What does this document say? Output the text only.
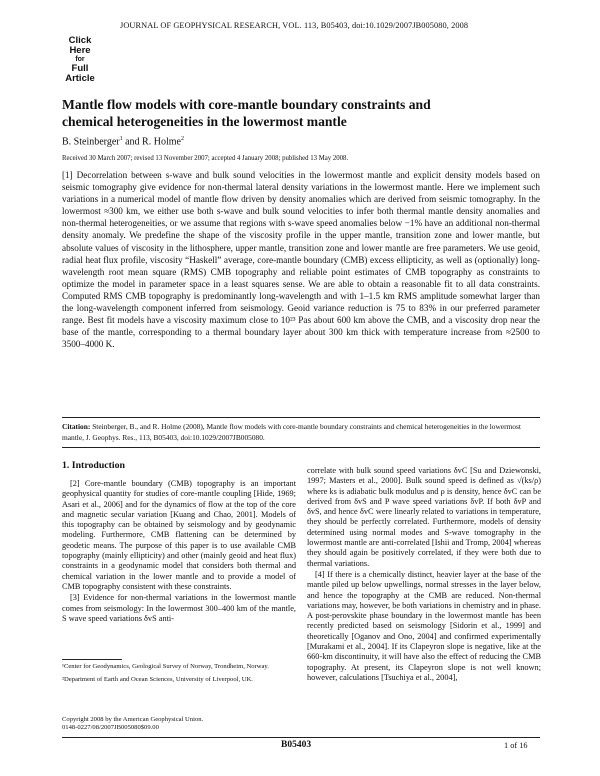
Click
Here
for
Full
Article
JOURNAL OF GEOPHYSICAL RESEARCH, VOL. 113, B05403, doi:10.1029/2007JB005080, 2008
Mantle flow models with core-mantle boundary constraints and chemical heterogeneities in the lowermost mantle
B. Steinberger$^1$ and R. Holme$^2$
Received 30 March 2007; revised 13 November 2007; accepted 4 January 2008; published 13 May 2008.
[1] Decorrelation between s-wave and bulk sound velocities in the lowermost mantle and explicit density models based on seismic tomography give evidence for non-thermal lateral density variations in the lowermost mantle. Here we implement such variations in a numerical model of mantle flow driven by density anomalies which are derived from seismic tomography. In the lowermost ≈300 km, we either use both s-wave and bulk sound velocities to infer both thermal mantle density anomalies and non-thermal heterogeneities, or we assume that regions with s-wave speed anomalies below −1% have an additional non-thermal density anomaly. We predefine the shape of the viscosity profile in the upper mantle, transition zone and lower mantle, but absolute values of viscosity in the lithosphere, upper mantle, transition zone and lower mantle are free parameters. We use geoid, radial heat flux profile, viscosity “Haskell” average, core-mantle boundary (CMB) excess ellipticity, as well as (optionally) long-wavelength root mean square (RMS) CMB topography and reliable point estimates of CMB topography as constraints to optimize the model in parameter space in a least squares sense. We are able to obtain a reasonable fit to all data constraints. Computed RMS CMB topography is predominantly long-wavelength and with 1–1.5 km RMS amplitude somewhat larger than the long-wavelength component inferred from seismology. Geoid variance reduction is 75 to 83% in our preferred parameter range. Best fit models have a viscosity maximum close to 10²³ Pas about 600 km above the CMB, and a viscosity drop near the base of the mantle, corresponding to a thermal boundary layer about 300 km thick with temperature increase from ≈2500 to 3500–4000 K.
Citation: Steinberger, B., and R. Holme (2008), Mantle flow models with core-mantle boundary constraints and chemical heterogeneities in the lowermost mantle, J. Geophys. Res., 113, B05403, doi:10.1029/2007JB005080.
1. Introduction

[2] Core-mantle boundary (CMB) topography is an important geophysical quantity for studies of core-mantle coupling [Hide, 1969; Asari et al., 2006] and for the dynamics of flow at the top of the core and magnetic secular variation [Kuang and Chao, 2001]. Models of this topography can be obtained by seismology and by geodynamic modeling. Furthermore, CMB flattening can be determined by geodetic means. The purpose of this paper is to use available CMB topography (mainly ellipticity) and other (mainly geoid and heat flux) constraints in a geodynamic model that considers both thermal and chemical variation in the lower mantle and to provide a model of CMB topography consistent with these constraints.

[3] Evidence for non-thermal variations in the lowermost mantle comes from seismology: In the lowermost 300–400 km of the mantle, S wave speed variations δvS anti-

correlate with bulk sound speed variations δvC [Su and Dziewonski, 1997; Masters et al., 2000]. Bulk sound speed is defined as √(ks/ρ) where ks is adiabatic bulk modulus and ρ is density, hence δvC can be derived from δvS and P wave speed variations δvP. If both δvP and δvS, and hence δvC were linearly related to variations in temperature, they should be perfectly correlated. Furthermore, models of density determined using normal modes and S-wave tomography in the lowermost mantle are anti-correlated [Ishii and Tromp, 2004] whereas they should again be positively correlated, if they were both due to thermal variations.

[4] If there is a chemically distinct, heavier layer at the base of the mantle piled up below upwellings, normal stresses in the layer below, and hence the topography at the CMB are reduced. Non-thermal variations may, however, be both variations in chemistry and in phase. A post-perovskite phase boundary in the lowermost mantle has been recently predicted based on seismology [Sidorin et al., 1999] and theoretically [Oganov and Ono, 2004] and confirmed experimentally [Murakami et al., 2004]. If its Clapeyron slope is negative, like at the 660-km discontinuity, it will have also the effect of reducing the CMB topography. At present, its Clapeyron slope is not well known; however, calculations [Tsuchiya et al., 2004],

¹Center for Geodynamics, Geological Survey of Norway, Trondheim, Norway.

²Department of Earth and Ocean Sciences, University of Liverpool, UK.

Copyright 2008 by the American Geophysical Union.
0148-0227/08/2007JB005080$09.00
B05403	1 of 16
